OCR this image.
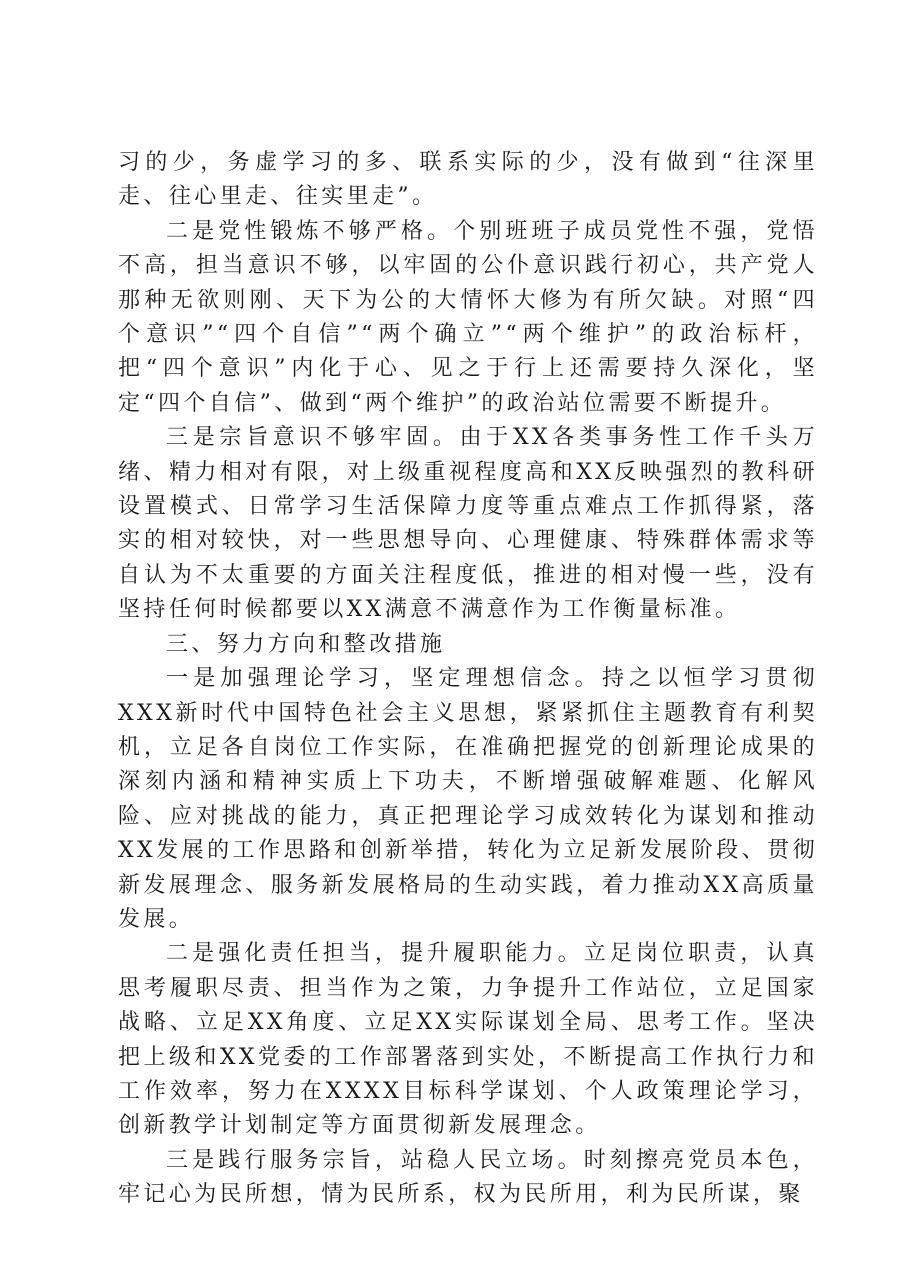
习的少，务虚学习的多、联系实际的少，没有做到“往深里走、往心里走、往实里走”。

二是党性锻炼不够严格。个别班班子成员党性不强，党悟不高，担当意识不够，以牢固的公仆意识践行初心，共产党人那种无欲则刚、天下为公的大情怀大修为有所欠缺。对照“四个意识”“四个自信”“两个确立”“两个维护”的政治标杆，把“四个意识”内化于心、见之于行上还需要持久深化，坚定“四个自信”、做到“两个维护”的政治站位需要不断提升。

三是宗旨意识不够牢固。由于XX各类事务性工作千头万绪、精力相对有限，对上级重视程度高和XX反映强烈的教科研设置模式、日常学习生活保障力度等重点难点工作抓得紧，落实的相对较快，对一些思想导向、心理健康、特殊群体需求等自认为不太重要的方面关注程度低，推进的相对慢一些，没有坚持任何时候都要以XX满意不满意作为工作衡量标准。

三、努力方向和整改措施

一是加强理论学习，坚定理想信念。持之以恒学习贯彻XXX新时代中国特色社会主义思想，紧紧抓住主题教育有利契机，立足各自岗位工作实际，在准确把握党的创新理论成果的深刻内涵和精神实质上下功夫，不断增强破解难题、化解风险、应对挑战的能力，真正把理论学习成效转化为谋划和推动XX发展的工作思路和创新举措，转化为立足新发展阶段、贯彻新发展理念、服务新发展格局的生动实践，着力推动XX高质量发展。

二是强化责任担当，提升履职能力。立足岗位职责，认真思考履职尽责、担当作为之策，力争提升工作站位，立足国家战略、立足XX角度、立足XX实际谋划全局、思考工作。坚决把上级和XX党委的工作部署落到实处，不断提高工作执行力和工作效率，努力在XXXX目标科学谋划、个人政策理论学习，创新教学计划制定等方面贯彻新发展理念。

三是践行服务宗旨，站稳人民立场。时刻擦亮党员本色，牢记心为民所想，情为民所系，权为民所用，利为民所谋，聚
